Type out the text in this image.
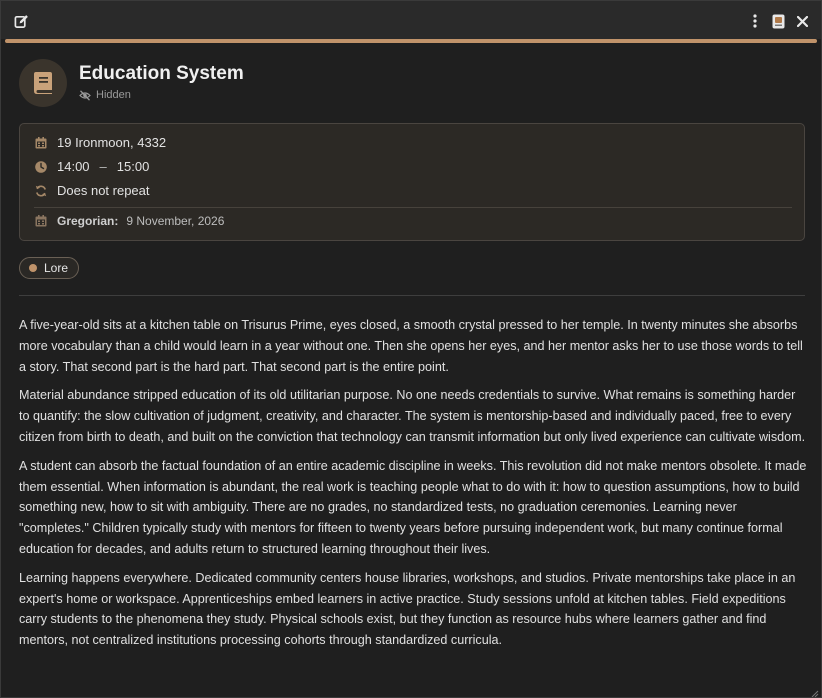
Education System
Hidden
19 Ironmoon, 4332
14:00 – 15:00
Does not repeat
Gregorian: 9 November, 2026
Lore

A five-year-old sits at a kitchen table on Trisurus Prime, eyes closed, a smooth crystal pressed to her temple. In twenty minutes she absorbs more vocabulary than a child would learn in a year without one. Then she opens her eyes, and her mentor asks her to use those words to tell a story. That second part is the hard part. That second part is the entire point.

Material abundance stripped education of its old utilitarian purpose. No one needs credentials to survive. What remains is something harder to quantify: the slow cultivation of judgment, creativity, and character. The system is mentorship-based and individually paced, free to every citizen from birth to death, and built on the conviction that technology can transmit information but only lived experience can cultivate wisdom.

A student can absorb the factual foundation of an entire academic discipline in weeks. This revolution did not make mentors obsolete. It made them essential. When information is abundant, the real work is teaching people what to do with it: how to question assumptions, how to build something new, how to sit with ambiguity. There are no grades, no standardized tests, no graduation ceremonies. Learning never "completes." Children typically study with mentors for fifteen to twenty years before pursuing independent work, but many continue formal education for decades, and adults return to structured learning throughout their lives.

Learning happens everywhere. Dedicated community centers house libraries, workshops, and studios. Private mentorships take place in an expert's home or workspace. Apprenticeships embed learners in active practice. Study sessions unfold at kitchen tables. Field expeditions carry students to the phenomena they study. Physical schools exist, but they function as resource hubs where learners gather and find mentors, not centralized institutions processing cohorts through standardized curricula.
